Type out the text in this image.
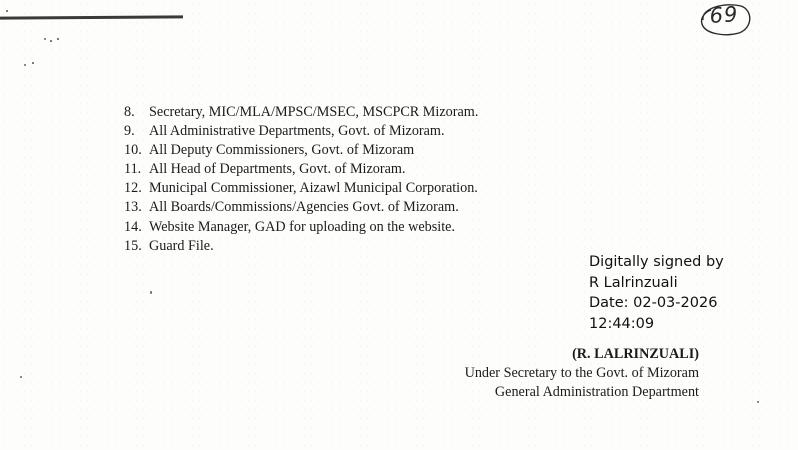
69
8. Secretary, MIC/MLA/MPSC/MSEC, MSCPCR Mizoram.
9. All Administrative Departments, Govt. of Mizoram.
10. All Deputy Commissioners, Govt. of Mizoram
11. All Head of Departments, Govt. of Mizoram.
12. Municipal Commissioner, Aizawl Municipal Corporation.
13. All Boards/Commissions/Agencies Govt. of Mizoram.
14. Website Manager, GAD for uploading on the website.
15. Guard File.
Digitally signed by
R Lalrinzuali
Date: 02-03-2026
12:44:09
(R. LALRINZUALI)
Under Secretary to the Govt. of Mizoram
General Administration Department
